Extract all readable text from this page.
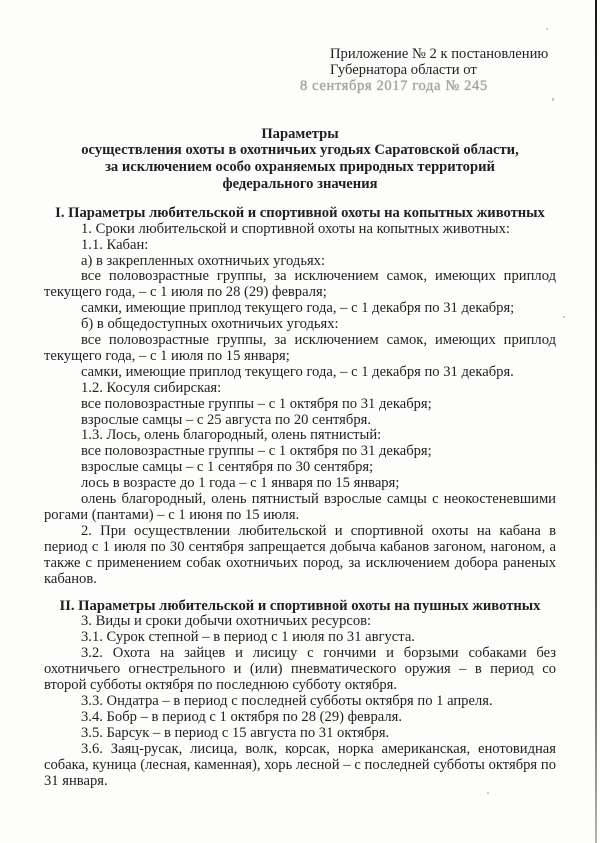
Приложение № 2 к постановлению
Губернатора области от
8 сентября 2017 года № 245
Параметры
осуществления охоты в охотничьих угодьях Саратовской области,
за исключением особо охраняемых природных территорий
федерального значения
I. Параметры любительской и спортивной охоты на копытных животных

1. Сроки любительской и спортивной охоты на копытных животных:

1.1. Кабан:

а) в закрепленных охотничьих угодьях:

все половозрастные группы, за исключением самок, имеющих приплод текущего года, – с 1 июля по 28 (29) февраля;

самки, имеющие приплод текущего года, – с 1 декабря по 31 декабря;

б) в общедоступных охотничьих угодьях:

все половозрастные группы, за исключением самок, имеющих приплод текущего года, – с 1 июля по 15 января;

самки, имеющие приплод текущего года, – с 1 декабря по 31 декабря.

1.2. Косуля сибирская:

все половозрастные группы – с 1 октября по 31 декабря;

взрослые самцы – с 25 августа по 20 сентября.

1.3. Лось, олень благородный, олень пятнистый:

все половозрастные группы – с 1 октября по 31 декабря;

взрослые самцы – с 1 сентября по 30 сентября;

лось в возрасте до 1 года – с 1 января по 15 января;

олень благородный, олень пятнистый взрослые самцы с неокостеневшими рогами (пантами) – с 1 июня по 15 июля.

2. При осуществлении любительской и спортивной охоты на кабана в период с 1 июля по 30 сентября запрещается добыча кабанов загоном, нагоном, а также с применением собак охотничьих пород, за исключением добора раненых кабанов.

II. Параметры любительской и спортивной охоты на пушных животных

3. Виды и сроки добычи охотничьих ресурсов:

3.1. Сурок степной – в период с 1 июля по 31 августа.

3.2. Охота на зайцев и лисицу с гончими и борзыми собаками без охотничьего огнестрельного и (или) пневматического оружия – в период со второй субботы октября по последнюю субботу октября.

3.3. Ондатра – в период с последней субботы октября по 1 апреля.

3.4. Бобр – в период с 1 октября по 28 (29) февраля.

3.5. Барсук – в период с 15 августа по 31 октября.

3.6. Заяц-русак, лисица, волк, корсак, норка американская, енотовидная собака, куница (лесная, каменная), хорь лесной – с последней субботы октября по 31 января.
